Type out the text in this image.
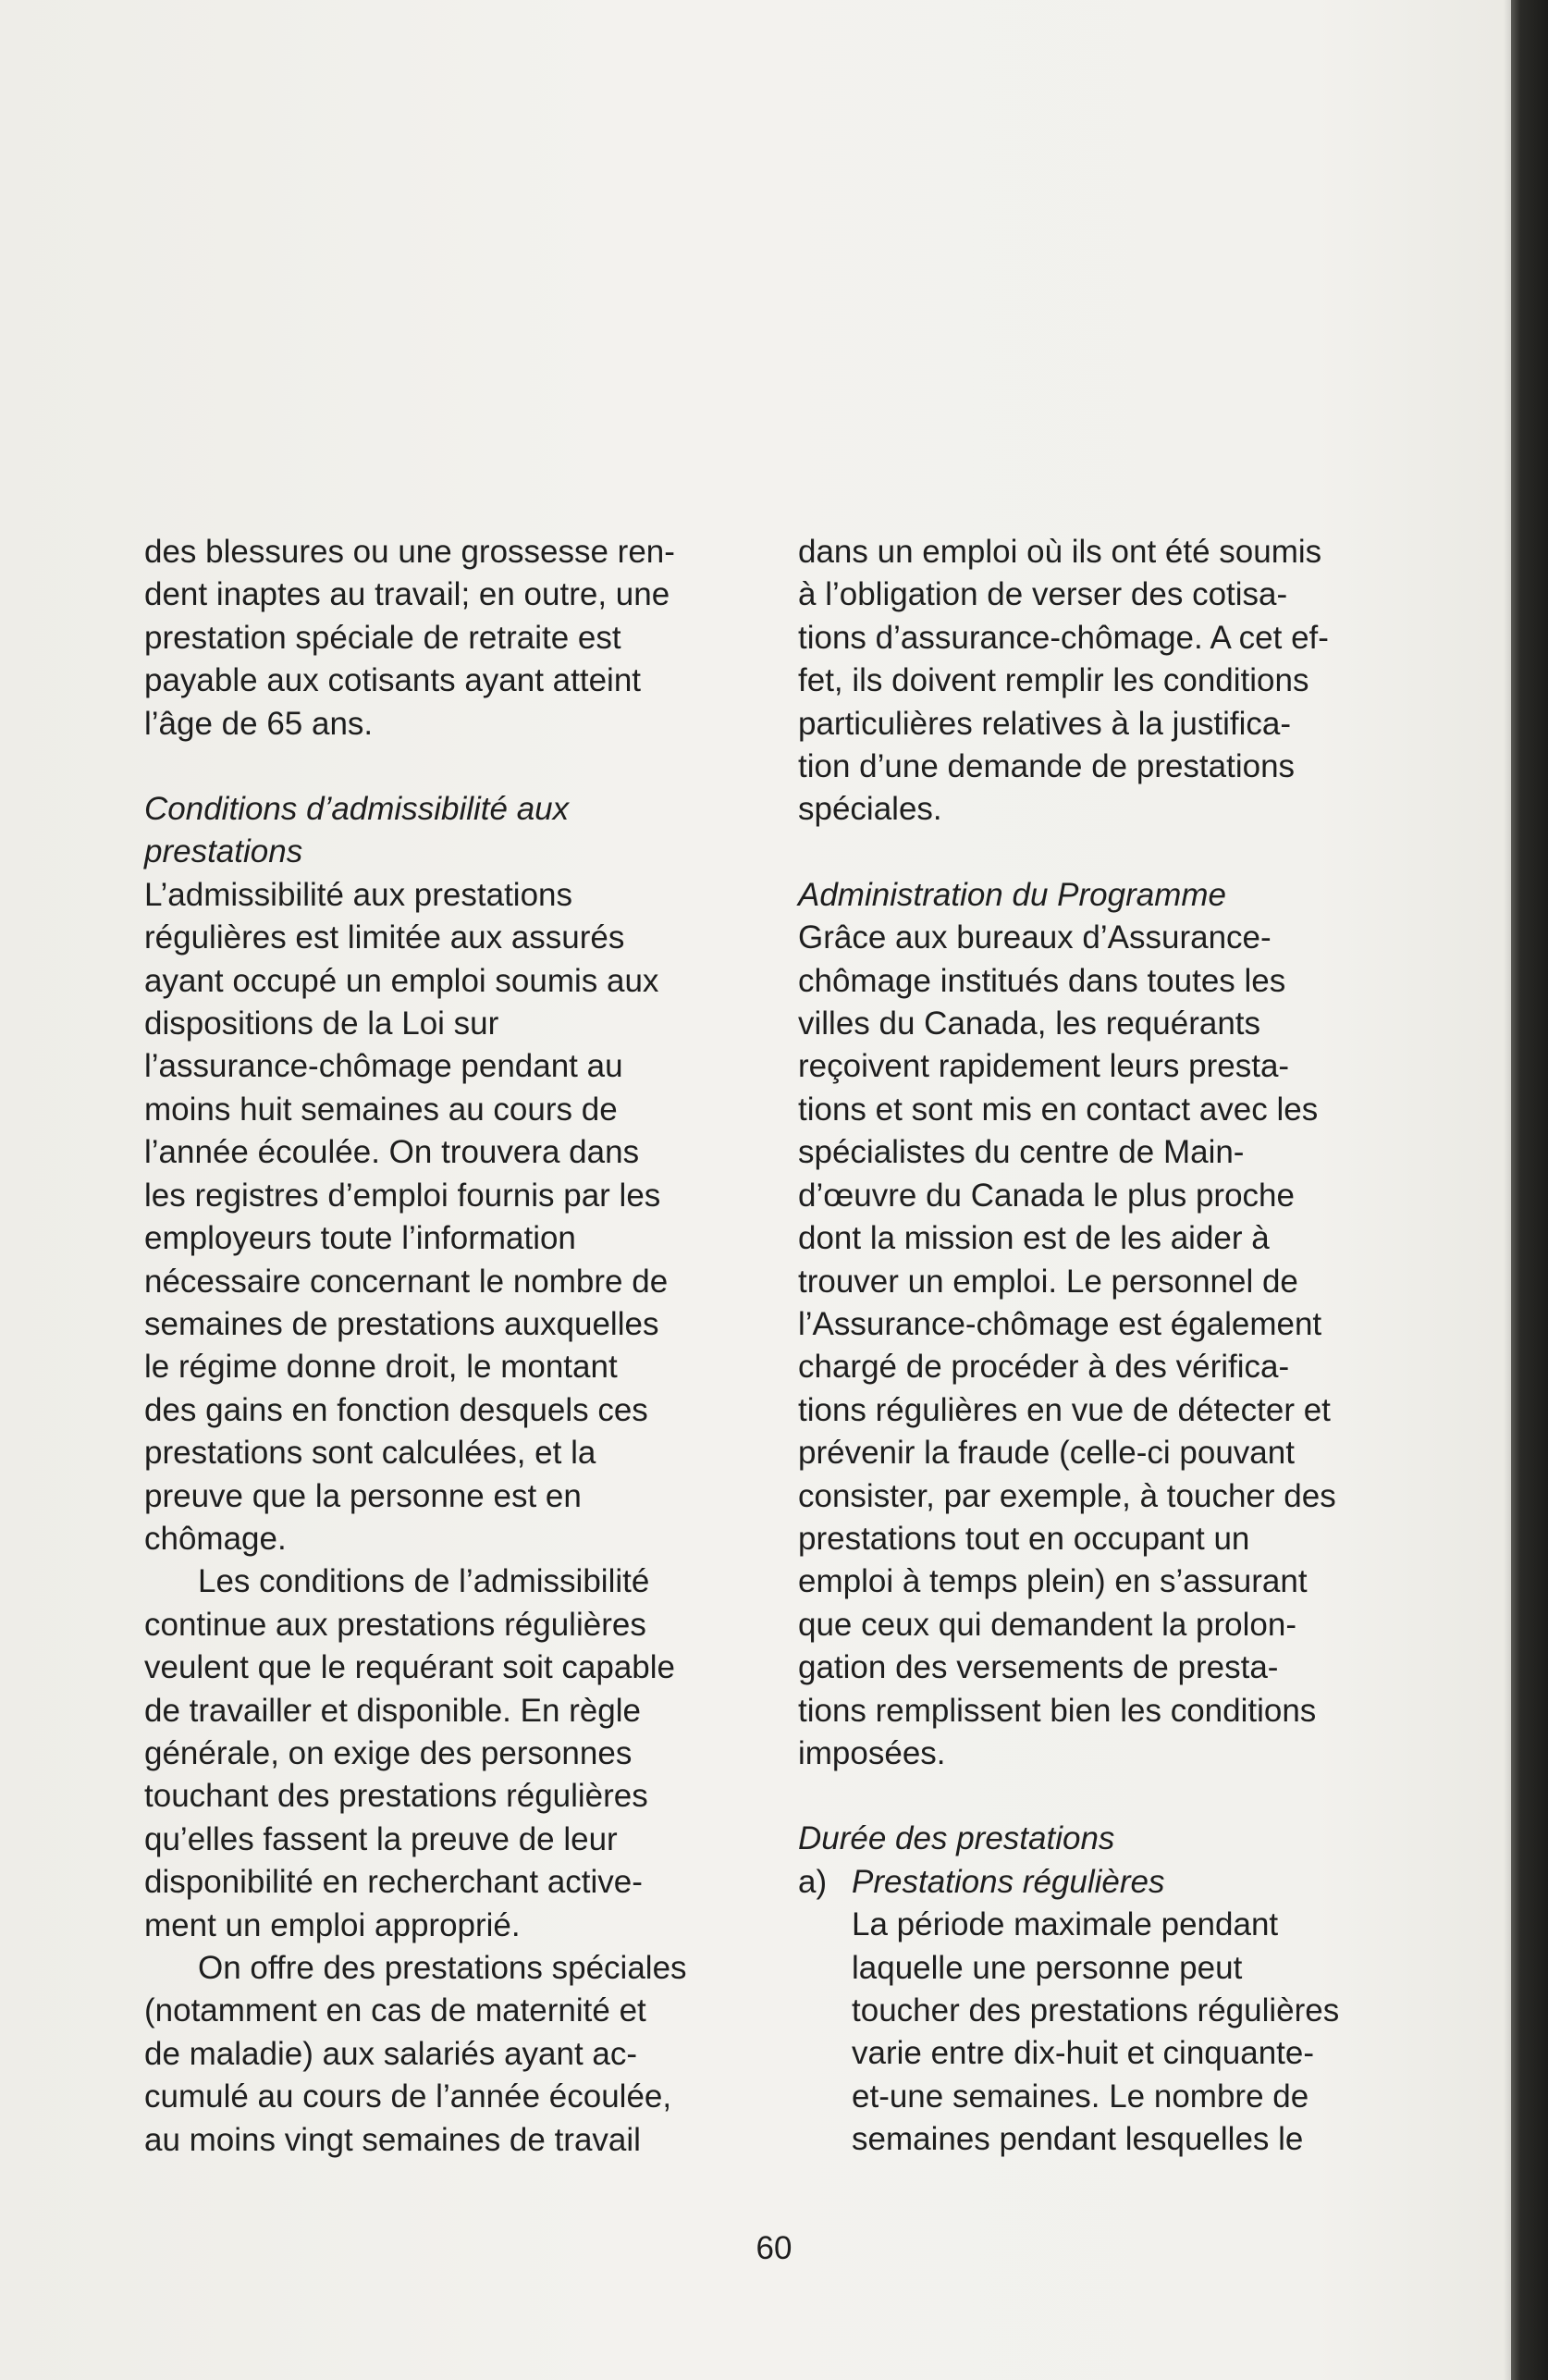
des blessures ou une grossesse ren-

dent inaptes au travail; en outre, une

prestation spéciale de retraite est

payable aux cotisants ayant atteint

l’âge de 65 ans.

Conditions d’admissibilité aux

prestations

L’admissibilité aux prestations

régulières est limitée aux assurés

ayant occupé un emploi soumis aux

dispositions de la Loi sur

l’assurance-chômage pendant au

moins huit semaines au cours de

l’année écoulée. On trouvera dans

les registres d’emploi fournis par les

employeurs toute l’information

nécessaire concernant le nombre de

semaines de prestations auxquelles

le régime donne droit, le montant

des gains en fonction desquels ces

prestations sont calculées, et la

preuve que la personne est en

chômage.

Les conditions de l’admissibilité

continue aux prestations régulières

veulent que le requérant soit capable

de travailler et disponible. En règle

générale, on exige des personnes

touchant des prestations régulières

qu’elles fassent la preuve de leur

disponibilité en recherchant active-

ment un emploi approprié.

On offre des prestations spéciales

(notamment en cas de maternité et

de maladie) aux salariés ayant ac-

cumulé au cours de l’année écoulée,

au moins vingt semaines de travail

dans un emploi où ils ont été soumis

à l’obligation de verser des cotisa-

tions d’assurance-chômage. A cet ef-

fet, ils doivent remplir les conditions

particulières relatives à la justifica-

tion d’une demande de prestations

spéciales.

Administration du Programme

Grâce aux bureaux d’Assurance-

chômage institués dans toutes les

villes du Canada, les requérants

reçoivent rapidement leurs presta-

tions et sont mis en contact avec les

spécialistes du centre de Main-

d’œuvre du Canada le plus proche

dont la mission est de les aider à

trouver un emploi. Le personnel de

l’Assurance-chômage est également

chargé de procéder à des vérifica-

tions régulières en vue de détecter et

prévenir la fraude (celle-ci pouvant

consister, par exemple, à toucher des

prestations tout en occupant un

emploi à temps plein) en s’assurant

que ceux qui demandent la prolon-

gation des versements de presta-

tions remplissent bien les conditions

imposées.

Durée des prestations

a) Prestations régulières

La période maximale pendant

laquelle une personne peut

toucher des prestations régulières

varie entre dix-huit et cinquante-

et-une semaines. Le nombre de

semaines pendant lesquelles le

60
